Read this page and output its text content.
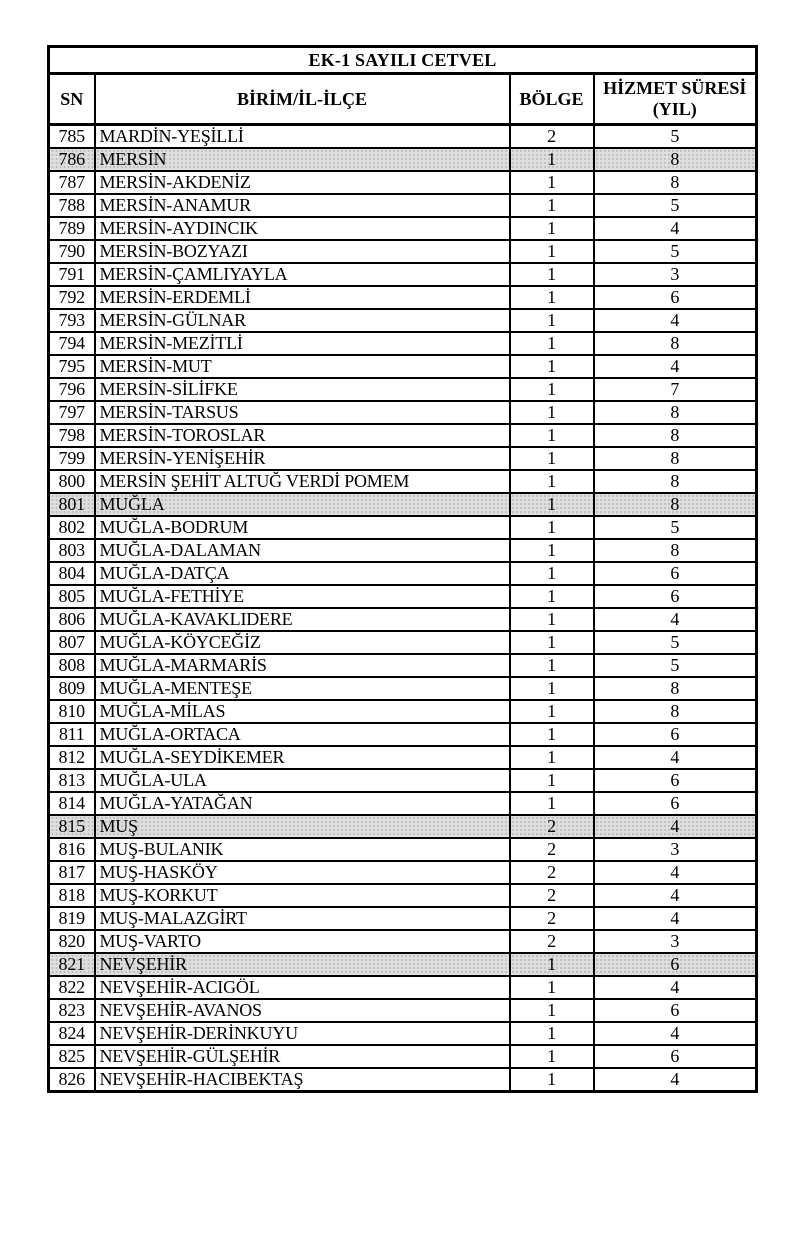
EK-1 SAYILI CETVEL			
SN	BİRİM/İL-İLÇE	BÖLGE	HİZMET SÜRESİ
(YIL)
785	MARDİN-YEŞİLLİ	2	5
786	MERSİN	1	8
787	MERSİN-AKDENİZ	1	8
788	MERSİN-ANAMUR	1	5
789	MERSİN-AYDINCIK	1	4
790	MERSİN-BOZYAZI	1	5
791	MERSİN-ÇAMLIYAYLA	1	3
792	MERSİN-ERDEMLİ	1	6
793	MERSİN-GÜLNAR	1	4
794	MERSİN-MEZİTLİ	1	8
795	MERSİN-MUT	1	4
796	MERSİN-SİLİFKE	1	7
797	MERSİN-TARSUS	1	8
798	MERSİN-TOROSLAR	1	8
799	MERSİN-YENİŞEHİR	1	8
800	MERSİN ŞEHİT ALTUĞ VERDİ POMEM	1	8
801	MUĞLA	1	8
802	MUĞLA-BODRUM	1	5
803	MUĞLA-DALAMAN	1	8
804	MUĞLA-DATÇA	1	6
805	MUĞLA-FETHİYE	1	6
806	MUĞLA-KAVAKLIDERE	1	4
807	MUĞLA-KÖYCEĞİZ	1	5
808	MUĞLA-MARMARİS	1	5
809	MUĞLA-MENTEŞE	1	8
810	MUĞLA-MİLAS	1	8
811	MUĞLA-ORTACA	1	6
812	MUĞLA-SEYDİKEMER	1	4
813	MUĞLA-ULA	1	6
814	MUĞLA-YATAĞAN	1	6
815	MUŞ	2	4
816	MUŞ-BULANIK	2	3
817	MUŞ-HASKÖY	2	4
818	MUŞ-KORKUT	2	4
819	MUŞ-MALAZGİRT	2	4
820	MUŞ-VARTO	2	3
821	NEVŞEHİR	1	6
822	NEVŞEHİR-ACIGÖL	1	4
823	NEVŞEHİR-AVANOS	1	6
824	NEVŞEHİR-DERİNKUYU	1	4
825	NEVŞEHİR-GÜLŞEHİR	1	6
826	NEVŞEHİR-HACIBEKTAŞ	1	4
